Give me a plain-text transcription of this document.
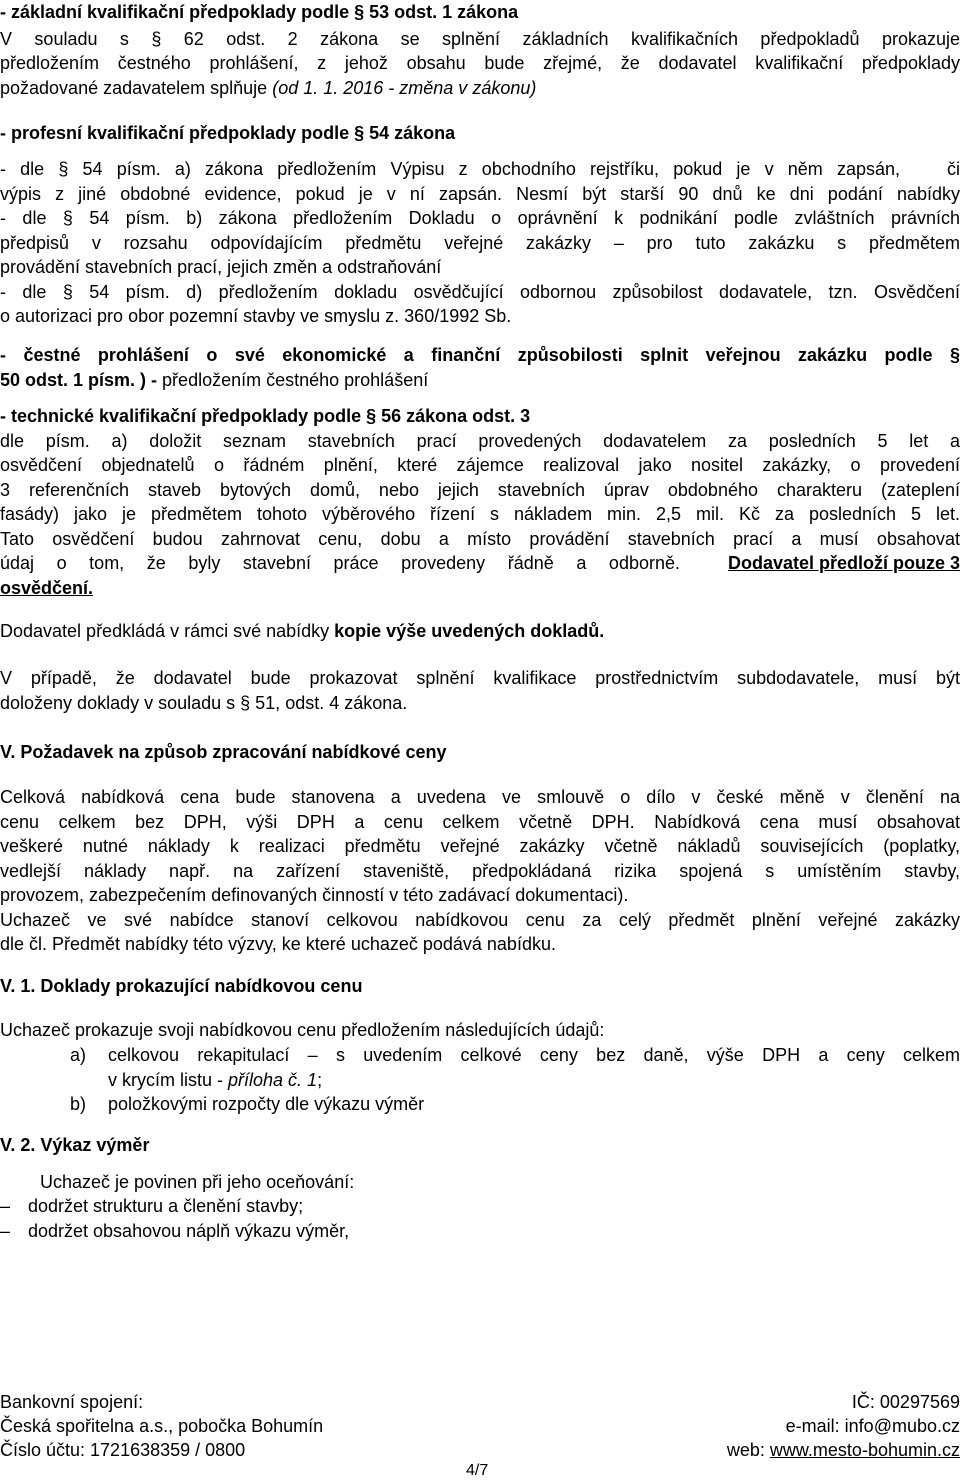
- základní kvalifikační předpoklady podle § 53 odst. 1 zákona
V souladu s § 62 odst. 2 zákona se splnění základních kvalifikačních předpokladů prokazuje
předložením čestného prohlášení, z jehož obsahu bude zřejmé, že dodavatel kvalifikační předpoklady
požadované zadavatelem splňuje (od 1. 1. 2016 - změna v zákonu)
- profesní kvalifikační předpoklady podle § 54 zákona
- dle § 54 písm. a) zákona předložením Výpisu z obchodního rejstříku, pokud je v něm zapsán,	či
výpis z jiné obdobné evidence, pokud je v ní zapsán. Nesmí být starší 90 dnů ke dni podání nabídky
- dle § 54 písm. b) zákona předložením Dokladu o oprávnění k podnikání podle zvláštních právních
předpisů v rozsahu odpovídajícím předmětu veřejné zakázky – pro tuto zakázku s předmětem
provádění stavebních prací, jejich změn a odstraňování
- dle § 54 písm. d) předložením dokladu osvědčující odbornou způsobilost dodavatele, tzn. Osvědčení
o autorizaci pro obor pozemní stavby ve smyslu z. 360/1992 Sb.
- čestné prohlášení o své ekonomické a finanční způsobilosti splnit veřejnou zakázku podle §
50 odst. 1 písm. ) - předložením čestného prohlášení
- technické kvalifikační předpoklady podle § 56 zákona odst. 3
dle písm. a) doložit seznam stavebních prací provedených dodavatelem za posledních 5 let a
osvědčení objednatelů o řádném plnění, které zájemce realizoval jako nositel zakázky, o provedení
3 referenčních staveb bytových domů, nebo jejich stavebních úprav obdobného charakteru (zateplení
fasády) jako je předmětem tohoto výběrového řízení s nákladem min. 2,5 mil. Kč za posledních 5 let.
Tato osvědčení budou zahrnovat cenu, dobu a místo provádění stavebních prací a musí obsahovat
údaj o tom, že byly stavební práce provedeny řádně a odborně.	Dodavatel předloží pouze 3
osvědčení.
Dodavatel předkládá v rámci své nabídky kopie výše uvedených dokladů.
V případě, že dodavatel bude prokazovat splnění kvalifikace prostřednictvím subdodavatele, musí být
doloženy doklady v souladu s § 51, odst. 4 zákona.
V. Požadavek na způsob zpracování nabídkové ceny
Celková nabídková cena bude stanovena a uvedena ve smlouvě o dílo v české měně v členění na
cenu celkem bez DPH, výši DPH a cenu celkem včetně DPH. Nabídková cena musí obsahovat
veškeré nutné náklady k realizaci předmětu veřejné zakázky včetně nákladů souvisejících (poplatky,
vedlejší náklady např. na zařízení staveniště, předpokládaná rizika spojená s umístěním stavby,
provozem, zabezpečením definovaných činností v této zadávací dokumentaci).
Uchazeč ve své nabídce stanoví celkovou nabídkovou cenu za celý předmět plnění veřejné zakázky
dle čl. Předmět nabídky této výzvy, ke které uchazeč podává nabídku.
V. 1. Doklady prokazující nabídkovou cenu
Uchazeč prokazuje svoji nabídkovou cenu předložením následujících údajů:
a) celkovou rekapitulací – s uvedením celkové ceny bez daně, výše DPH a ceny celkem
v krycím listu - příloha č. 1;
b) položkovými rozpočty dle výkazu výměr
V. 2. Výkaz výměr
Uchazeč je povinen při jeho oceňování:
– dodržet strukturu a členění stavby;
– dodržet obsahovou náplň výkazu výměr,
Bankovní spojení:
Česká spořitelna a.s., pobočka Bohumín
Číslo účtu: 1721638359 / 0800
IČ: 00297569
e-mail: info@mubo.cz
web: www.mesto-bohumin.cz
4/7
